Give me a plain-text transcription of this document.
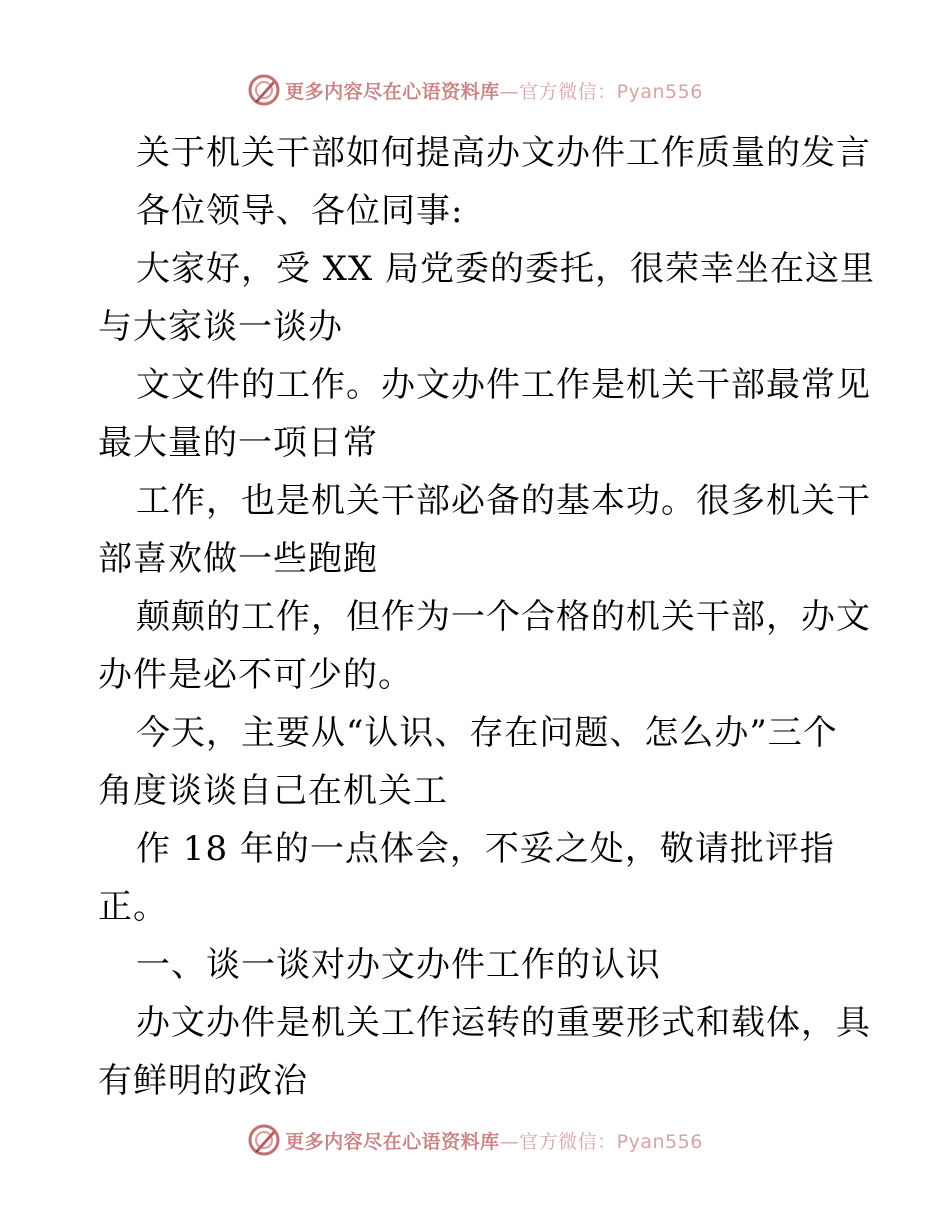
更多内容尽在心语资料库—官方微信：Pyan556
关于机关干部如何提高办文办件工作质量的发言
各位领导、各位同事:
大家好，受 XX 局党委的委托，很荣幸坐在这里
与大家谈一谈办
文文件的工作。办文办件工作是机关干部最常见
最大量的一项日常
工作，也是机关干部必备的基本功。很多机关干
部喜欢做一些跑跑
颠颠的工作，但作为一个合格的机关干部，办文
办件是必不可少的。
今天，主要从“认识、存在问题、怎么办”三个
角度谈谈自己在机关工
作 18 年的一点体会，不妥之处，敬请批评指
正。
一、谈一谈对办文办件工作的认识
办文办件是机关工作运转的重要形式和载体，具
有鲜明的政治
更多内容尽在心语资料库—官方微信：Pyan556
